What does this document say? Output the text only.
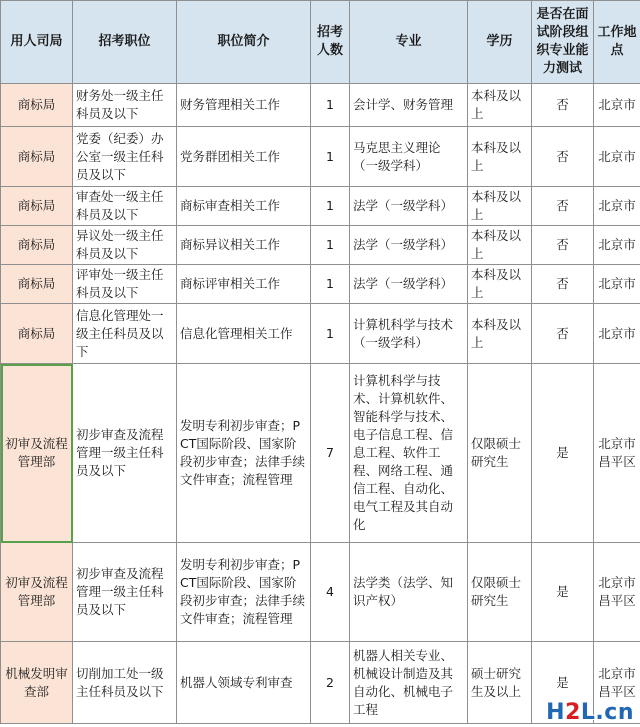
用人司局	招考职位	职位简介	招考人数	专业	学历	是否在面试阶段组织专业能力测试	工作地点
商标局	财务处一级主任科员及以下	财务管理相关工作	1	会计学、财务管理	本科及以上	否	北京市
商标局	党委（纪委）办公室一级主任科员及以下	党务群团相关工作	1	马克思主义理论（一级学科）	本科及以上	否	北京市
商标局	审查处一级主任科员及以下	商标审查相关工作	1	法学（一级学科）	本科及以上	否	北京市
商标局	异议处一级主任科员及以下	商标异议相关工作	1	法学（一级学科）	本科及以上	否	北京市
商标局	评审处一级主任科员及以下	商标评审相关工作	1	法学（一级学科）	本科及以上	否	北京市
商标局	信息化管理处一级主任科员及以下	信息化管理相关工作	1	计算机科学与技术（一级学科）	本科及以上	否	北京市
初审及流程管理部	初步审查及流程管理一级主任科员及以下	发明专利初步审查；PCT国际阶段、国家阶段初步审查；法律手续文件审查；流程管理	7	计算机科学与技术、计算机软件、智能科学与技术、电子信息工程、信息工程、软件工程、网络工程、通信工程、自动化、电气工程及其自动化	仅限硕士研究生	是	北京市昌平区
初审及流程管理部	初步审查及流程管理一级主任科员及以下	发明专利初步审查；PCT国际阶段、国家阶段初步审查；法律手续文件审查；流程管理	4	法学类（法学、知识产权）	仅限硕士研究生	是	北京市昌平区
机械发明审查部	切削加工处一级主任科员及以下	机器人领域专利审查	2	机器人相关专业、机械设计制造及其自动化、机械电子工程	硕士研究生及以上	是	北京市昌平区
H2L.cn
